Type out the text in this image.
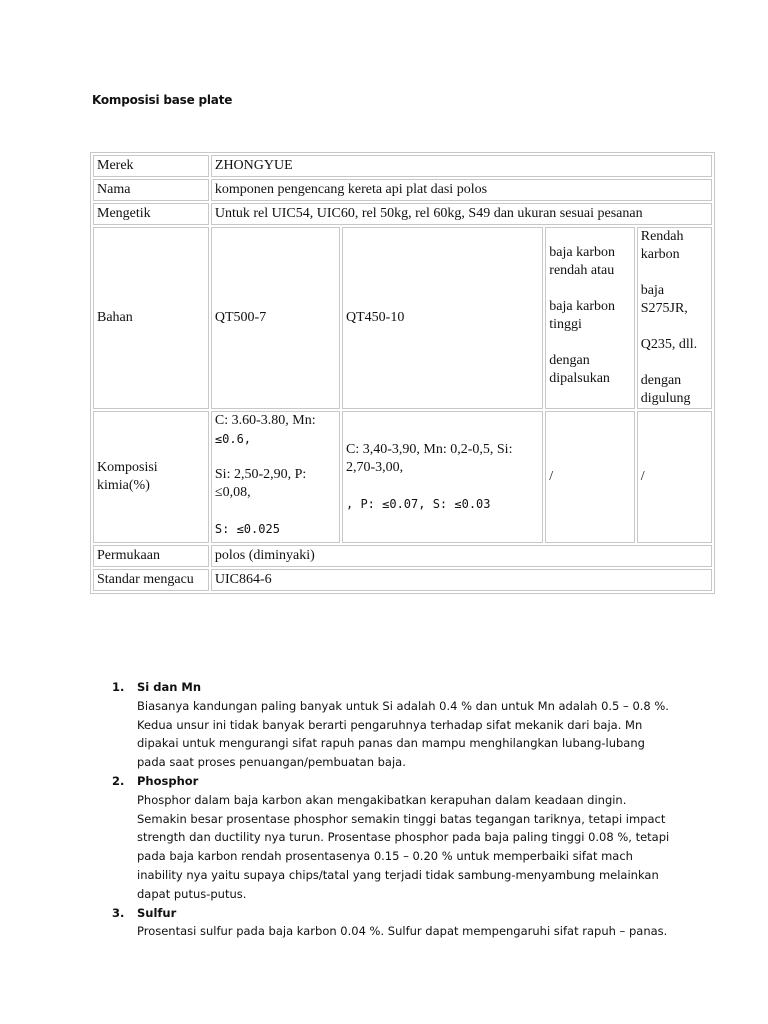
Komposisi base plate
Merek	ZHONGYUE			
Nama	komponen pengencang kereta api plat dasi polos			
Mengetik	Untuk rel UIC54, UIC60, rel 50kg, rel 60kg, S49 dan ukuran sesuai pesanan			
Bahan	QT500-7	QT450-10	baja karbon rendah atau
baja karbon tinggi
dengan dipalsukan	Rendah karbon
baja S275JR,
Q235, dll.
dengan digulung

Komposisi kimia(%)	C: 3.60-3.80, Mn:
≤0.6,
Si: 2,50-2,90, P:
≤0,08,
S: ≤0.025	C: 3,40-3,90, Mn: 0,2-0,5, Si: 2,70-3,00,
, P: ≤0.07, S: ≤0.03	/	/
Permukaan	polos (diminyaki)			
Standar mengacu	UIC864-6			
1. Si dan Mn
Biasanya kandungan paling banyak untuk Si adalah 0.4 % dan untuk Mn adalah 0.5 – 0.8 %. Kedua unsur ini tidak banyak berarti pengaruhnya terhadap sifat mekanik dari baja. Mn dipakai untuk mengurangi sifat rapuh panas dan mampu menghilangkan lubang-lubang pada saat proses penuangan/pembuatan baja.
2. Phosphor
Phosphor dalam baja karbon akan mengakibatkan kerapuhan dalam keadaan dingin. Semakin besar prosentase phosphor semakin tinggi batas tegangan tariknya, tetapi impact strength dan ductility nya turun. Prosentase phosphor pada baja paling tinggi 0.08 %, tetapi pada baja karbon rendah prosentasenya 0.15 – 0.20 % untuk memperbaiki sifat mach inability nya yaitu supaya chips/tatal yang terjadi tidak sambung-menyambung melainkan dapat putus-putus.
3. Sulfur
Prosentasi sulfur pada baja karbon 0.04 %. Sulfur dapat mempengaruhi sifat rapuh – panas.
